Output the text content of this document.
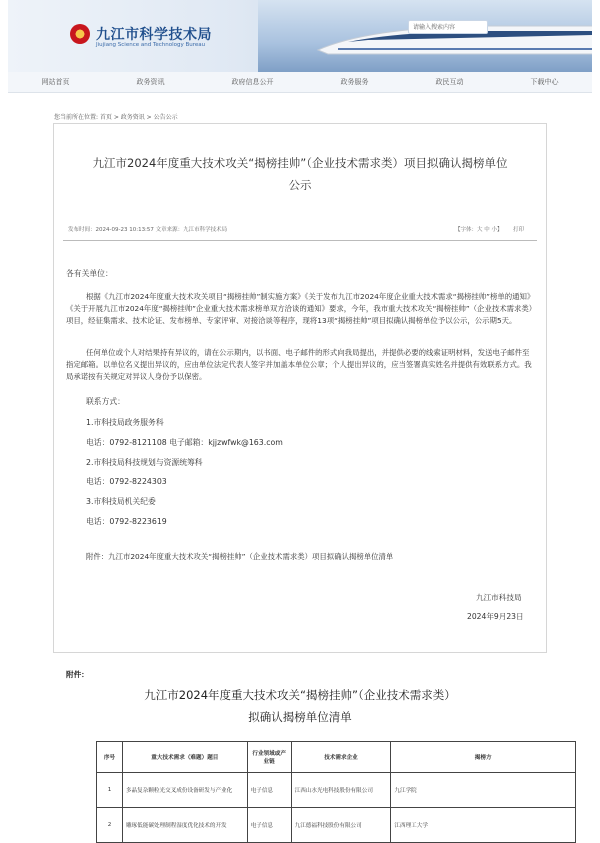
九江市科学技术局
Jiujiang Science and Technology Bureau
请输入搜索内容
网站首页	政务资讯	政府信息公开	政务服务	政民互动	下载中心
您当前所在位置: 首页 > 政务资讯 > 公告公示
九江市2024年度重大技术攻关“揭榜挂帅”（企业技术需求类）项目拟确认揭榜单位
公示
发布时间：2024-09-23 10:13:57 文章来源：九江市科学技术局	【字体：大 中 小】 打印
各有关单位：

根据《九江市2024年度重大技术攻关项目“揭榜挂帅”制实施方案》《关于发布九江市2024年度企业重大技术需求“揭榜挂帅”榜单的通知》《关于开展九江市2024年度“揭榜挂帅”企业重大技术需求榜单双方洽谈的通知》要求，今年，我市重大技术攻关“揭榜挂帅”（企业技术需求类）项目，经征集需求、技术论证、发布榜单、专家评审、对接洽谈等程序，现将13项“揭榜挂帅”项目拟确认揭榜单位予以公示，公示期5天。

任何单位或个人对结果持有异议的，请在公示期内，以书面、电子邮件的形式向我局提出，并提供必要的线索证明材料，发送电子邮件至指定邮箱。以单位名义提出异议的，应由单位法定代表人签字并加盖本单位公章；个人提出异议的，应当签署真实姓名并提供有效联系方式。我局承诺按有关规定对异议人身份予以保密。

联系方式：
1.市科技局政务服务科
电话：0792-8121108 电子邮箱：kjjzwfwk@163.com
2.市科技局科技规划与资源统筹科
电话：0792-8224303
3.市科技局机关纪委
电话：0792-8223619
附件：九江市2024年度重大技术攻关“揭榜挂帅”（企业技术需求类）项目拟确认揭榜单位清单
九江市科技局
2024年9月23日
附件：
九江市2024年度重大技术攻关“揭榜挂帅”（企业技术需求类）
拟确认揭榜单位清单
序号	重大技术需求（难题）题目	行业领域或产业链	技术需求企业	揭榜方
1	多晶复杂颗粒光交叉成份设备研发与产业化	电子信息	江西山水光电科技股份有限公司	九江学院
2	雕琢低能碳处理制程湿度优化技术的开发	电子信息	九江德福科技股份有限公司	江西理工大学
